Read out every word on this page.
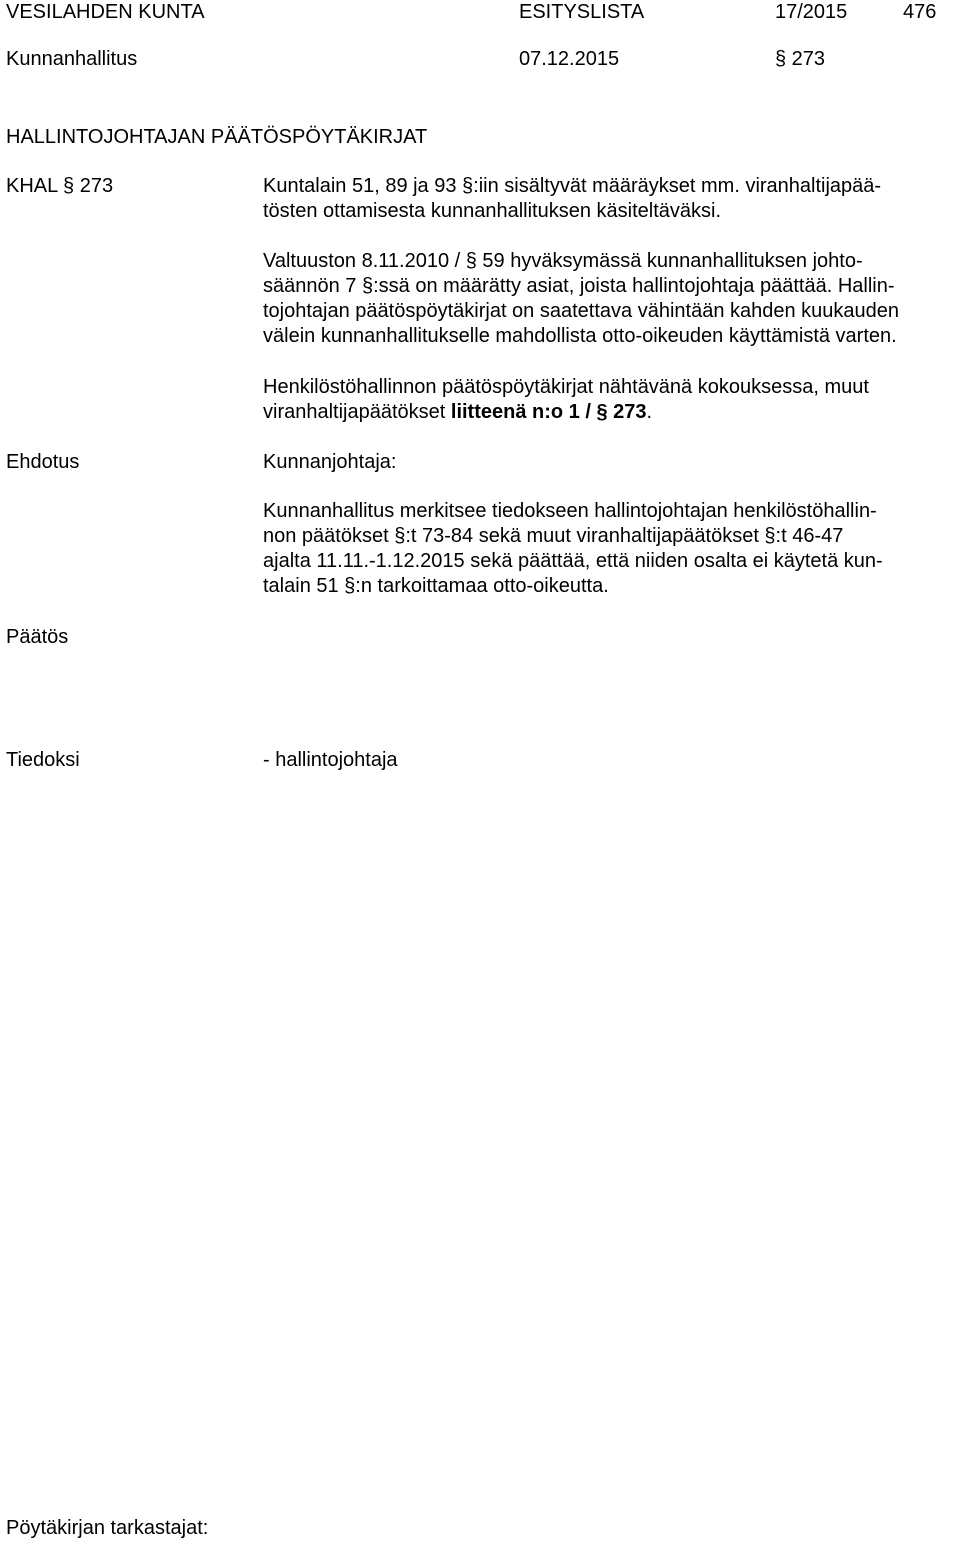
VESILAHDEN KUNTA	ESITYSLISTA	17/2015	476
Kunnanhallitus	07.12.2015	§ 273
HALLINTOJOHTAJAN PÄÄTÖSPÖYTÄKIRJAT
KHAL § 273	Kuntalain 51, 89 ja 93 §:iin sisältyvät määräykset mm. viranhaltijapää-
tösten ottamisesta kunnanhallituksen käsiteltäväksi.
Valtuuston 8.11.2010 / § 59 hyväksymässä kunnanhallituksen johto-
säännön 7 §:ssä on määrätty asiat, joista hallintojohtaja päättää. Hallin-
tojohtajan päätöspöytäkirjat on saatettava vähintään kahden kuukauden
välein kunnanhallitukselle mahdollista otto-oikeuden käyttämistä varten.
Henkilöstöhallinnon päätöspöytäkirjat nähtävänä kokouksessa, muut
viranhaltijapäätökset liitteenä n:o 1 / § 273.
Ehdotus	Kunnanjohtaja:
Kunnanhallitus merkitsee tiedokseen hallintojohtajan henkilöstöhallin-
non päätökset §:t 73-84 sekä muut viranhaltijapäätökset §:t 46-47
ajalta 11.11.-1.12.2015 sekä päättää, että niiden osalta ei käytetä kun-
talain 51 §:n tarkoittamaa otto-oikeutta.
Päätös
Tiedoksi	- hallintojohtaja
Pöytäkirjan tarkastajat:
